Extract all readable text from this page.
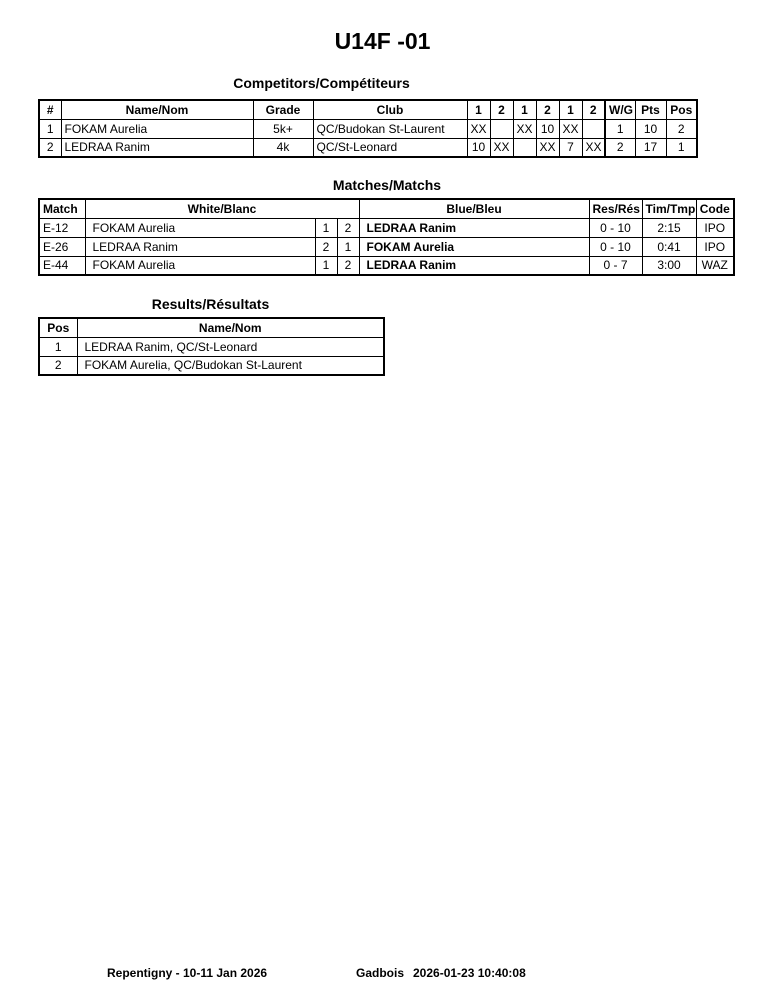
U14F -01
Competitors/Compétiteurs
#	Name/Nom	Grade	Club	1	2	1	2	1	2	W/G	Pts	Pos
1	FOKAM Aurelia	5k+	QC/Budokan St-Laurent	XX		XX	10	XX		1	10	2
2	LEDRAA Ranim	4k	QC/St-Leonard	10	XX		XX	7	XX	2	17	1
Matches/Matchs
Match	White/Blanc			Blue/Bleu	Res/Rés	Tim/Tmp	Code
E-12	FOKAM Aurelia	1	2	LEDRAA Ranim	0 - 10	2:15	IPO
E-26	LEDRAA Ranim	2	1	FOKAM Aurelia	0 - 10	0:41	IPO
E-44	FOKAM Aurelia	1	2	LEDRAA Ranim	0 - 7	3:00	WAZ
Results/Résultats
Pos	Name/Nom
1	LEDRAA Ranim, QC/St-Leonard
2	FOKAM Aurelia, QC/Budokan St-Laurent
Repentigny - 10-11 Jan 2026	Gadbois 2026-01-23 10:40:08
